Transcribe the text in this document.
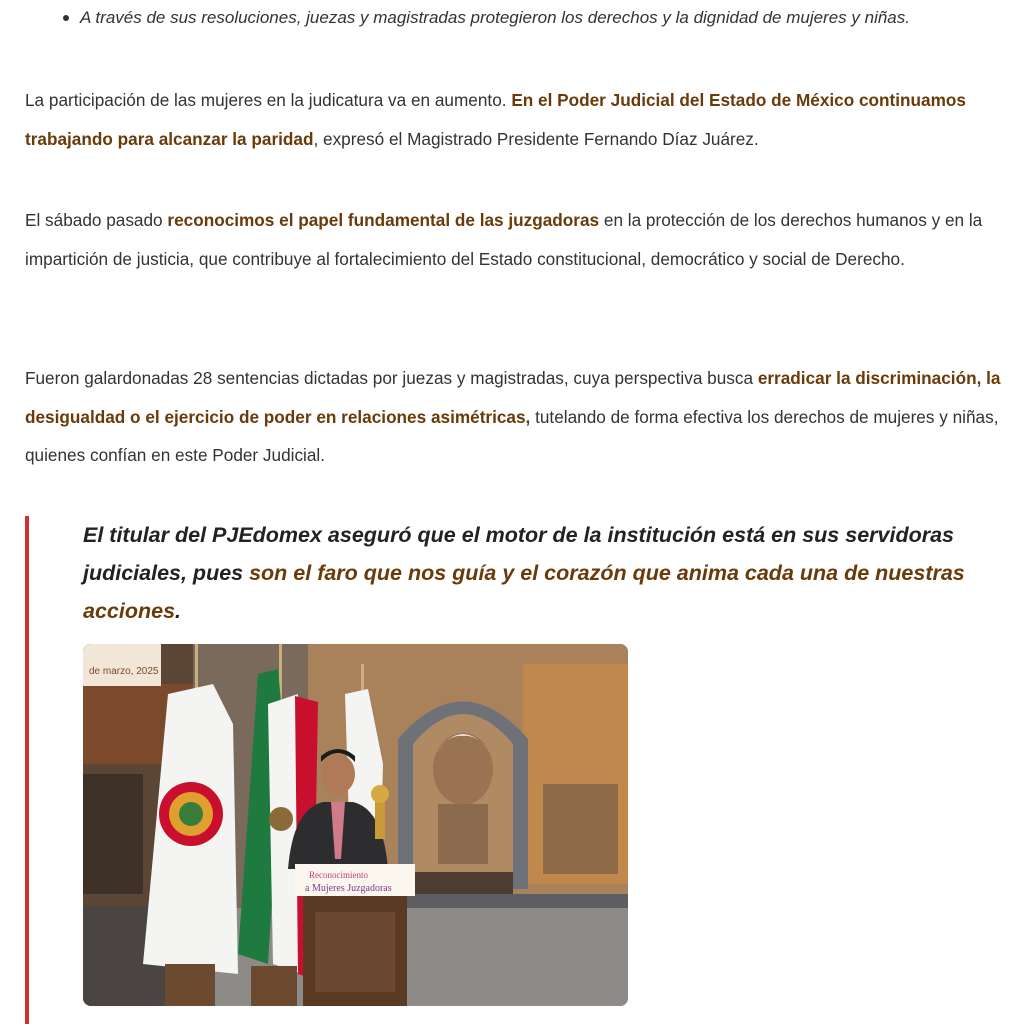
A través de sus resoluciones, juezas y magistradas protegieron los derechos y la dignidad de mujeres y niñas.

La participación de las mujeres en la judicatura va en aumento. En el Poder Judicial del Estado de México continuamos trabajando para alcanzar la paridad, expresó el Magistrado Presidente Fernando Díaz Juárez.

El sábado pasado reconocimos el papel fundamental de las juzgadoras en la protección de los derechos humanos y en la impartición de justicia, que contribuye al fortalecimiento del Estado constitucional, democrático y social de Derecho.

Fueron galardonadas 28 sentencias dictadas por juezas y magistradas, cuya perspectiva busca erradicar la discriminación, la desigualdad o el ejercicio de poder en relaciones asimétricas, tutelando de forma efectiva los derechos de mujeres y niñas, quienes confían en este Poder Judicial.

El titular del PJEdomex aseguró que el motor de la institución está en sus servidoras judiciales, pues son el faro que nos guía y el corazón que anima cada una de nuestras acciones.

de marzo, 2025
Reconocimiento
a Mujeres Juzgadoras
